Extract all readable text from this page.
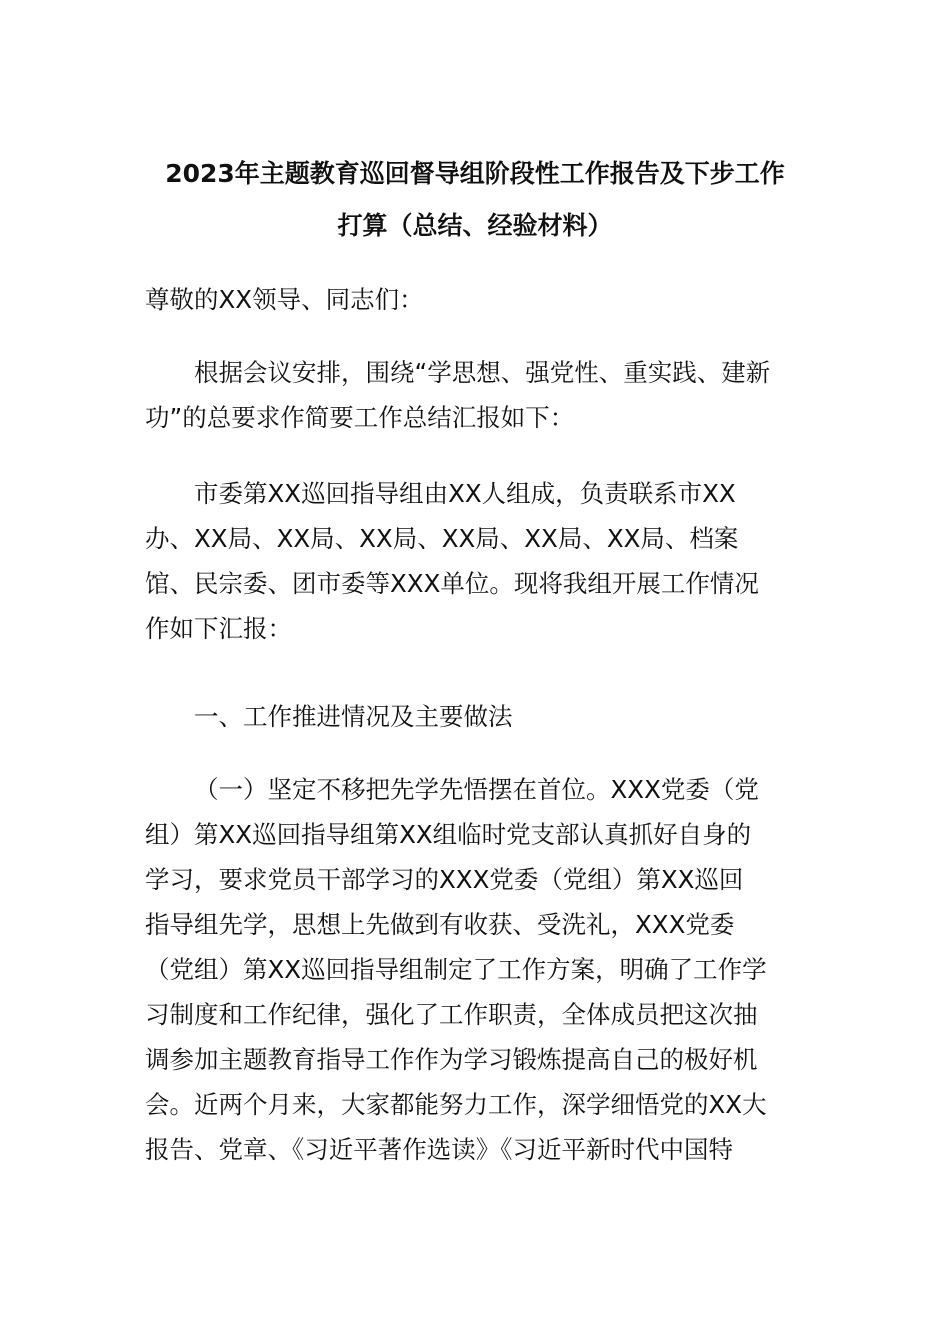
2023年主题教育巡回督导组阶段性工作报告及下步工作
打算（总结、经验材料）

尊敬的XX领导、同志们：

根据会议安排，围绕“学思想、强党性、重实践、建新
功”的总要求作简要工作总结汇报如下：

市委第XX巡回指导组由XX人组成，负责联系市XX
办、XX局、XX局、XX局、XX局、XX局、XX局、档案
馆、民宗委、团市委等XXX单位。现将我组开展工作情况
作如下汇报：

一、工作推进情况及主要做法

（一）坚定不移把先学先悟摆在首位。XXX党委（党
组）第XX巡回指导组第XX组临时党支部认真抓好自身的
学习，要求党员干部学习的XXX党委（党组）第XX巡回
指导组先学，思想上先做到有收获、受洗礼，XXX党委
（党组）第XX巡回指导组制定了工作方案，明确了工作学
习制度和工作纪律，强化了工作职责，全体成员把这次抽
调参加主题教育指导工作作为学习锻炼提高自己的极好机
会。近两个月来，大家都能努力工作，深学细悟党的XX大
报告、党章、《习近平著作选读》《习近平新时代中国特
